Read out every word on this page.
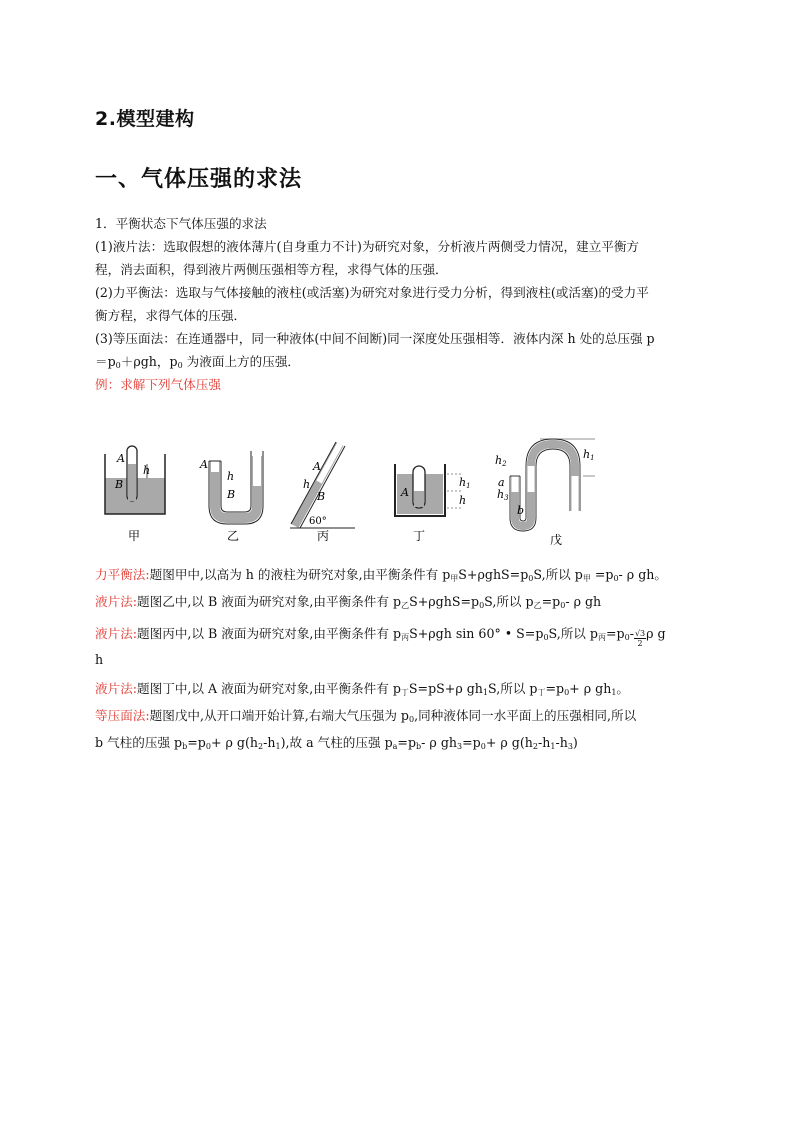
2.模型建构
一、气体压强的求法
1．平衡状态下气体压强的求法
(1)液片法：选取假想的液体薄片(自身重力不计)为研究对象，分析液片两侧受力情况，建立平衡方
程，消去面积，得到液片两侧压强相等方程，求得气体的压强．
(2)力平衡法：选取与气体接触的液柱(或活塞)为研究对象进行受力分析，得到液柱(或活塞)的受力平
衡方程，求得气体的压强．
(3)等压面法：在连通器中，同一种液体(中间不间断)同一深度处压强相等．液体内深 h 处的总压强 p
$=p_0+\rho gh$，$p_0$ 为液面上方的压强．
例：求解下列气体压强
A
h
B
甲
A
h
B
乙
A
h
B
60°
丙
A
h1
h
丁
a
b
h2
h1
h3
戊
力平衡法:题图甲中,以高为 h 的液柱为研究对象,由平衡条件有 $p_甲S+\rho ghS=p_0S$,所以 $p_甲 =p_0-$ ρ gh。
液片法:题图乙中,以 B 液面为研究对象,由平衡条件有 $p_乙S+\rho ghS=p_0S$,所以 $p_乙=p_0-$ ρ gh
液片法:题图丙中,以 B 液面为研究对象,由平衡条件有 $p_丙S+\rho gh$ sin 60° • $S=p_0S$,所以 $p_丙=p_0- \frac{√3}{2}$ ρ g
h
液片法:题图丁中,以 A 液面为研究对象,由平衡条件有 $p_丁S=pS+\rho$ $gh_1S$,所以 $p_丁=p_0+ \rho$ $gh_1$。
等压面法:题图戊中,从开口端开始计算,右端大气压强为 $p_0$,同种液体同一水平面上的压强相同,所以
b 气柱的压强 $p_b=p_0+ \rho$ $g(h_2-h_1)$,故 a 气柱的压强 $p_a=p_b-$ ρ $gh_3=p_0+ \rho$ $g(h_2-h_1-h_3)$
